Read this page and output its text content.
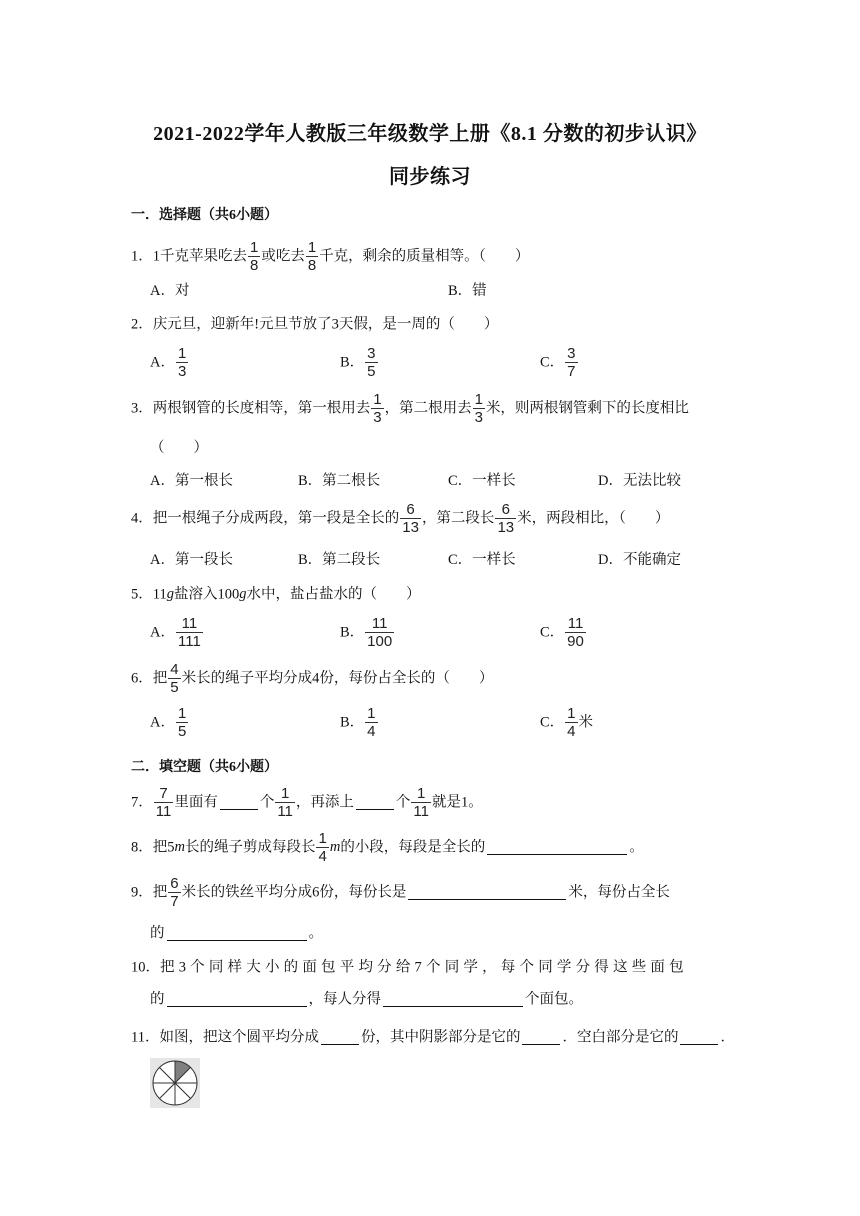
2021-2022学年人教版三年级数学上册《8.1 分数的初步认识》
同步练习
一．选择题（共6小题）
1．1千克苹果吃去 $\frac{1}{8}$ 或吃去 $\frac{1}{8}$ 千克，剩余的质量相等。（　　）
A．对	B．错
2．庆元旦，迎新年!元旦节放了3天假，是一周的（　　）
A． $\frac{1}{3}$	B． $\frac{3}{5}$	C． $\frac{3}{7}$
3．两根钢管的长度相等，第一根用去 $\frac{1}{3}$ ，第二根用去 $\frac{1}{3}$ 米，则两根钢管剩下的长度相比
（　　）
A．第一根长	B．第二根长	C．一样长	D．无法比较
4．把一根绳子分成两段，第一段是全长的 $\frac{6}{13}$ ，第二段长 $\frac{6}{13}$ 米，两段相比，（　　）
A．第一段长	B．第二段长	C．一样长	D．不能确定
5．11g盐溶入100g水中，盐占盐水的（　　）
A． $\frac{11}{111}$	B． $\frac{11}{100}$	C． $\frac{11}{90}$
6．把 $\frac{4}{5}$ 米长的绳子平均分成4份，每份占全长的（　　）
A． $\frac{1}{5}$	B． $\frac{1}{4}$	C． $\frac{1}{4}$ 米
二．填空题（共6小题）
7． $\frac{7}{11}$ 里面有	个 $\frac{1}{11}$ ，再添上	个 $\frac{1}{11}$ 就是1。
8．把5m长的绳子剪成每段长 $\frac{1}{4}$ m的小段，每段是全长的	。
9．把 $\frac{6}{7}$ 米长的铁丝平均分成6份，每份长是	米，每份占全长
的	。
10．把3个同样大小的面包平均分给7个同学，每个同学分得这些面包
的	，每人分得	个面包。
11．如图，把这个圆平均分成	份，其中阴影部分是它的	．空白部分是它的	．
